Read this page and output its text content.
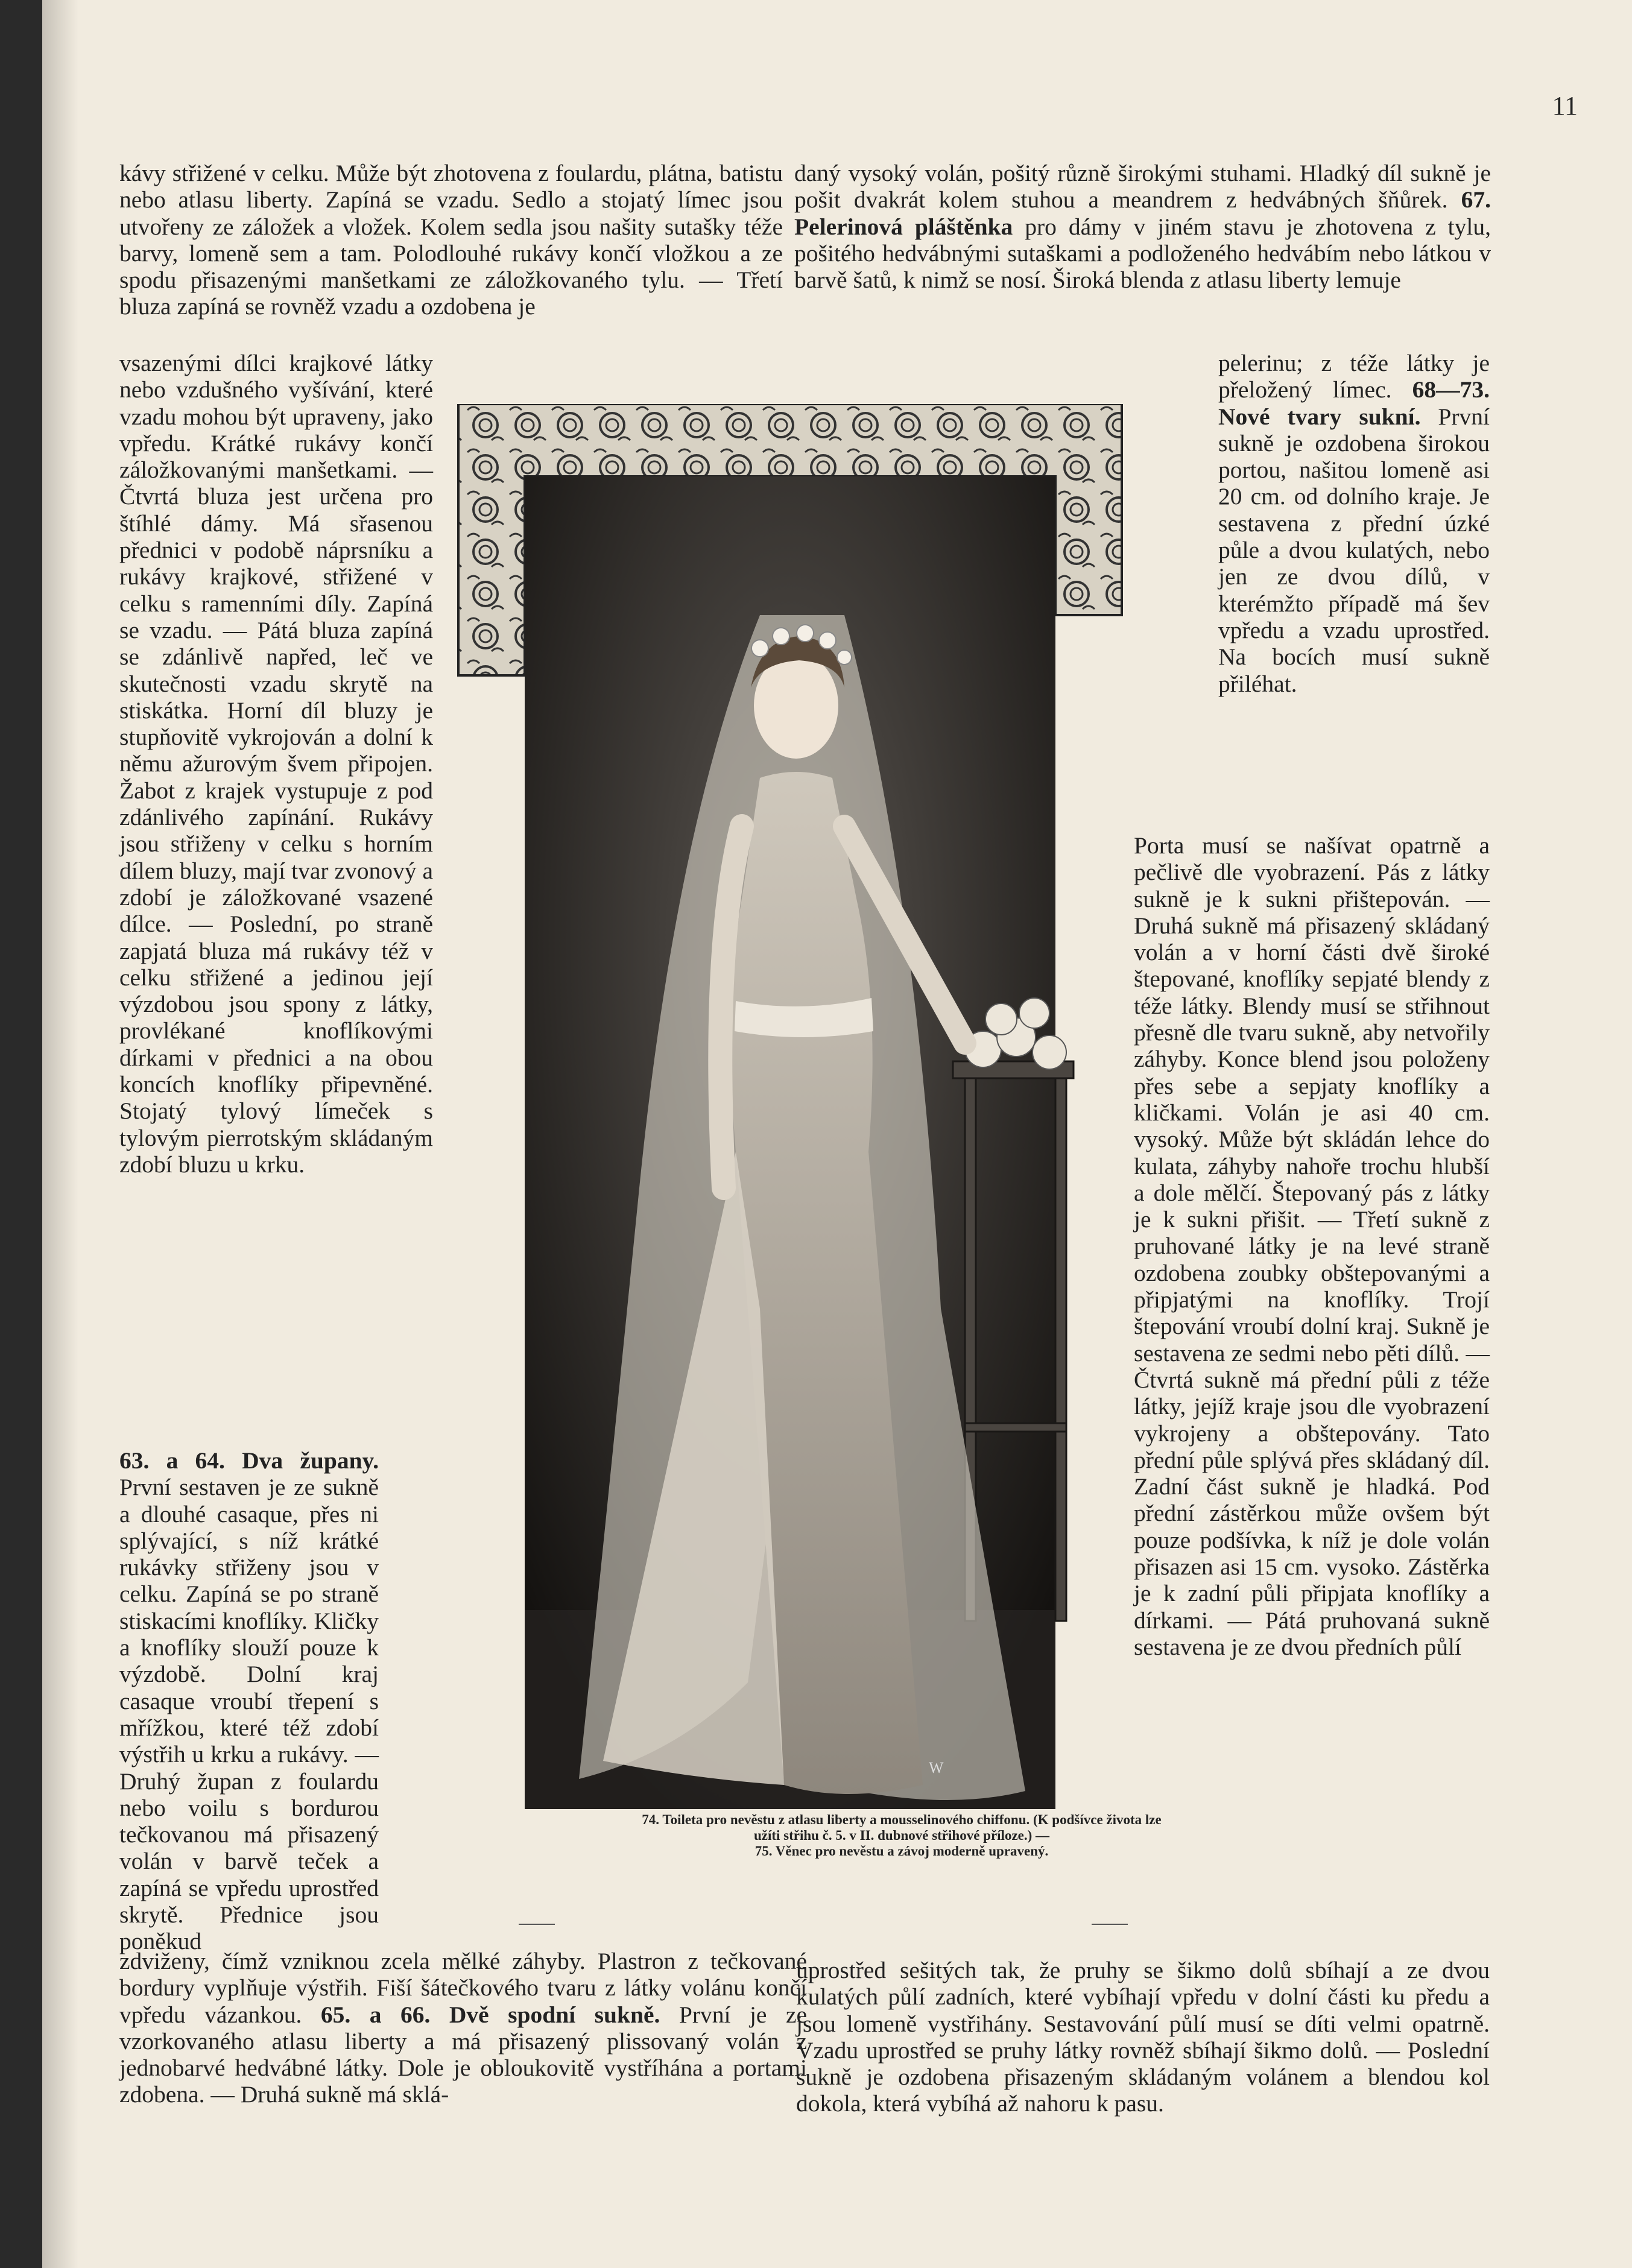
11

kávy střižené v celku. Může být zhotovena z foulardu, plátna, batistu nebo atlasu liberty. Zapíná se vzadu. Sedlo a stojatý límec jsou utvořeny ze záložek a vložek. Kolem sedla jsou našity sutašky téže barvy, lomeně sem a tam. Polodlouhé rukávy končí vložkou a ze spodu přisazenými manšetkami ze záložkovaného tylu. — Třetí bluza zapíná se rovněž vzadu a ozdobena je

daný vysoký volán, pošitý různě širokými stuhami. Hladký díl sukně je pošit dvakrát kolem stuhou a meandrem z hedvábných šňůrek. 67. Pelerinová pláštěnka pro dámy v jiném stavu je zhotovena z tylu, pošitého hedvábnými sutaškami a podloženého hedvábím nebo látkou v barvě šatů, k nimž se nosí. Široká blenda z atlasu liberty lemuje

vsazenými dílci krajkové látky nebo vzdušného vyšívání, které vzadu mohou být upraveny, jako vpředu. Krátké rukávy končí záložkovanými manšetkami. — Čtvrtá bluza jest určena pro štíhlé dámy. Má sřasenou přednici v podobě náprsníku a rukávy krajkové, střižené v celku s ramenními díly. Zapíná se vzadu. — Pátá bluza zapíná se zdánlivě napřed, leč ve skutečnosti vzadu skrytě na stiskátka. Horní díl bluzy je stupňovitě vykrojován a dolní k němu ažurovým švem připojen. Žabot z krajek vystupuje z pod zdánlivého zapínání. Rukávy jsou střiženy v celku s horním dílem bluzy, mají tvar zvonový a zdobí je záložkované vsazené dílce. — Poslední, po straně zapjatá bluza má rukávy též v celku střižené a jedinou její výzdobou jsou spony z látky, provlékané knoflíkovými dírkami v přednici a na obou koncích knoflíky připevněné. Stojatý tylový límeček s tylovým pierrotským skládaným zdobí bluzu u krku.

pelerinu; z téže látky je přeložený límec. 68—73. Nové tvary sukní. První sukně je ozdobena širokou portou, našitou lomeně asi 20 cm. od dolního kraje. Je sestavena z přední úzké půle a dvou kulatých, nebo jen ze dvou dílů, v kterémžto případě má šev vpředu a vzadu uprostřed. Na bocích musí sukně přiléhat.

63. a 64. Dva župany. První sestaven je ze sukně a dlouhé casaque, přes ni splývající, s níž krátké rukávky střiženy jsou v celku. Zapíná se po straně stiskacími knoflíky. Kličky a knoflíky slouží pouze k výzdobě. Dolní kraj casaque vroubí třepení s mřížkou, které též zdobí výstřih u krku a rukávy. — Druhý župan z foulardu nebo voilu s bordurou tečkovanou má přisazený volán v barvě teček a zapíná se vpředu uprostřed skrytě. Přednice jsou poněkud

Porta musí se našívat opatrně a pečlivě dle vyobrazení. Pás z látky sukně je k sukni přištepován. — Druhá sukně má přisazený skládaný volán a v horní části dvě široké štepované, knoflíky sepjaté blendy z téže látky. Blendy musí se střihnout přesně dle tvaru sukně, aby netvořily záhyby. Konce blend jsou položeny přes sebe a sepjaty knoflíky a kličkami. Volán je asi 40 cm. vysoký. Může být skládán lehce do kulata, záhyby nahoře trochu hlubší a dole mělčí. Štepovaný pás z látky je k sukni přišit. — Třetí sukně z pruhované látky je na levé straně ozdobena zoubky obštepovanými a připjatými na knoflíky. Trojí štepování vroubí dolní kraj. Sukně je sestavena ze sedmi nebo pěti dílů. — Čtvrtá sukně má přední půli z téže látky, jejíž kraje jsou dle vyobrazení vykrojeny a obštepovány. Tato přední půle splývá přes skládaný díl. Zadní část sukně je hladká. Pod přední zástěrkou může ovšem být pouze podšívka, k níž je dole volán přisazen asi 15 cm. vysoko. Zástěrka je k zadní půli připjata knoflíky a dírkami. — Pátá pruhovaná sukně sestavena je ze dvou předních půlí

zdviženy, čímž vzniknou zcela mělké záhyby. Plastron z tečkované bordury vyplňuje výstřih. Fiší šátečkového tvaru z látky volánu končí vpředu vázankou. 65. a 66. Dvě spodní sukně. První je ze vzorkovaného atlasu liberty a má přisazený plissovaný volán z jednobarvé hedvábné látky. Dole je obloukovitě vystříhána a portami zdobena. — Druhá sukně má sklá-

uprostřed sešitých tak, že pruhy se šikmo dolů sbíhají a ze dvou kulatých půlí zadních, které vybíhají vpředu v dolní části ku předu a jsou lomeně vystřihány. Sestavování půlí musí se díti velmi opatrně. Vzadu uprostřed se pruhy látky rovněž sbíhají šikmo dolů. — Poslední sukně je ozdobena přisazeným skládaným volánem a blendou kol dokola, která vybíhá až nahoru k pasu.

W
74. Toileta pro nevěstu z atlasu liberty a mousselinového chiffonu. (K podšívce života lze užíti střihu č. 5. v II. dubnové střihové příloze.) —
75. Věnec pro nevěstu a závoj moderně upravený.
